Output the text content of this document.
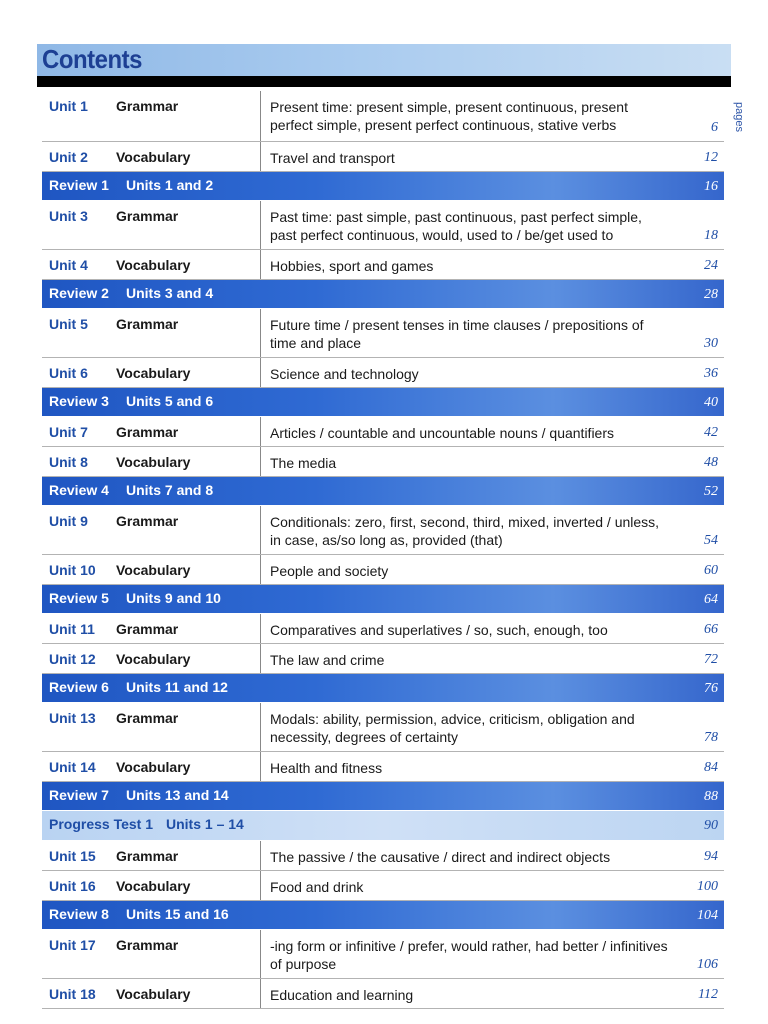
Contents
pages
Unit 1	Grammar	Present time: present simple, present continuous, present perfect simple, present perfect continuous, stative verbs	6
Unit 2	Vocabulary	Travel and transport	12
Review 1 Units 1 and 2	16
Unit 3	Grammar	Past time: past simple, past continuous, past perfect simple, past perfect continuous, would, used to / be/get used to	18
Unit 4	Vocabulary	Hobbies, sport and games	24
Review 2 Units 3 and 4	28
Unit 5	Grammar	Future time / present tenses in time clauses / prepositions of time and place	30
Unit 6	Vocabulary	Science and technology	36
Review 3 Units 5 and 6	40
Unit 7	Grammar	Articles / countable and uncountable nouns / quantifiers	42
Unit 8	Vocabulary	The media	48
Review 4 Units 7 and 8	52
Unit 9	Grammar	Conditionals: zero, first, second, third, mixed, inverted / unless, in case, as/so long as, provided (that)	54
Unit 10	Vocabulary	People and society	60
Review 5 Units 9 and 10	64
Unit 11	Grammar	Comparatives and superlatives / so, such, enough, too	66
Unit 12	Vocabulary	The law and crime	72
Review 6 Units 11 and 12	76
Unit 13	Grammar	Modals: ability, permission, advice, criticism, obligation and necessity, degrees of certainty	78
Unit 14	Vocabulary	Health and fitness	84
Review 7 Units 13 and 14	88
Progress Test 1 Units 1 – 14	90
Unit 15	Grammar	The passive / the causative / direct and indirect objects	94
Unit 16	Vocabulary	Food and drink	100
Review 8 Units 15 and 16	104
Unit 17	Grammar	-ing form or infinitive / prefer, would rather, had better / infinitives of purpose	106
Unit 18	Vocabulary	Education and learning	112
